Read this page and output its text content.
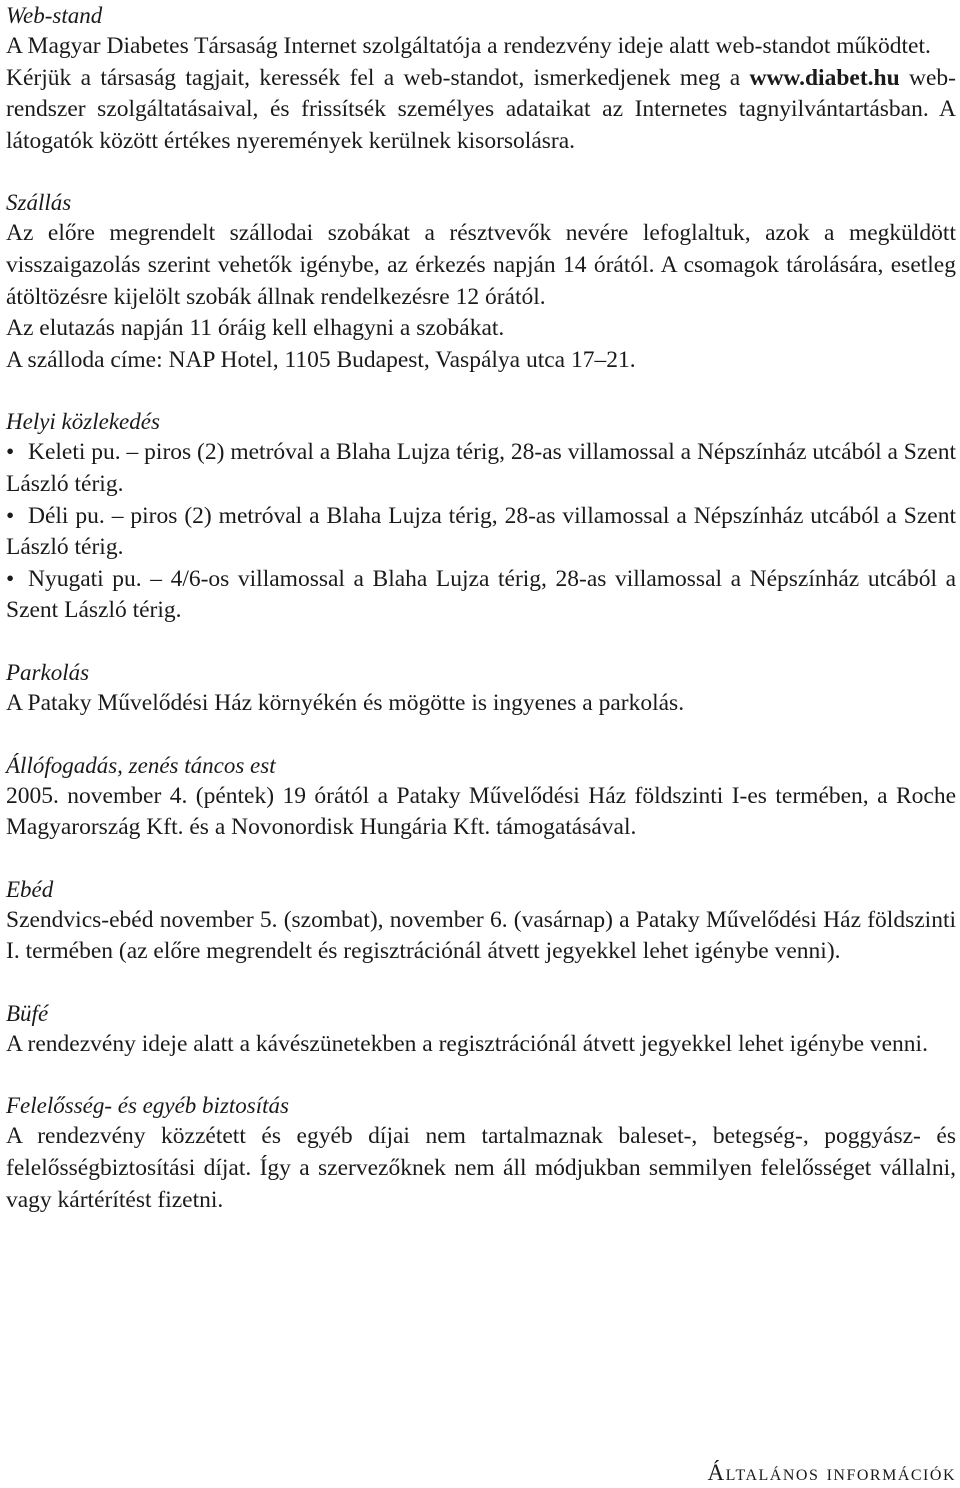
Web-stand

A Magyar Diabetes Társaság Internet szolgáltatója a rendezvény ideje alatt web-standot működtet.

Kérjük a társaság tagjait, keressék fel a web-standot, ismerkedjenek meg a www.diabet.hu web-rendszer szolgáltatásaival, és frissítsék személyes adataikat az Internetes tagnyilvántartásban. A látogatók között értékes nyeremények kerülnek kisorsolásra.

Szállás

Az előre megrendelt szállodai szobákat a résztvevők nevére lefoglaltuk, azok a megküldött visszaigazolás szerint vehetők igénybe, az érkezés napján 14 órától. A csomagok tárolására, esetleg átöltözésre kijelölt szobák állnak rendelkezésre 12 órától.

Az elutazás napján 11 óráig kell elhagyni a szobákat.

A szálloda címe: NAP Hotel, 1105 Budapest, Vaspálya utca 17–21.

Helyi közlekedés

• Keleti pu. – piros (2) metróval a Blaha Lujza térig, 28-as villamossal a Népszínház utcából a Szent László térig.

• Déli pu. – piros (2) metróval a Blaha Lujza térig, 28-as villamossal a Népszínház utcából a Szent László térig.

• Nyugati pu. – 4/6-os villamossal a Blaha Lujza térig, 28-as villamossal a Népszínház utcából a Szent László térig.

Parkolás

A Pataky Művelődési Ház környékén és mögötte is ingyenes a parkolás.

Állófogadás, zenés táncos est

2005. november 4. (péntek) 19 órától a Pataky Művelődési Ház földszinti I-es termében, a Roche Magyarország Kft. és a Novonordisk Hungária Kft. támogatásával.

Ebéd

Szendvics-ebéd november 5. (szombat), november 6. (vasárnap) a Pataky Művelődési Ház földszinti I. termében (az előre megrendelt és regisztrációnál átvett jegyekkel lehet igénybe venni).

Büfé

A rendezvény ideje alatt a kávészünetekben a regisztrációnál átvett jegyekkel lehet igénybe venni.

Felelősség- és egyéb biztosítás

A rendezvény közzétett és egyéb díjai nem tartalmaznak baleset-, betegség-, poggyász- és felelősségbiztosítási díjat. Így a szervezőknek nem áll módjukban semmilyen felelősséget vállalni, vagy kártérítést fizetni.

Általános információk
